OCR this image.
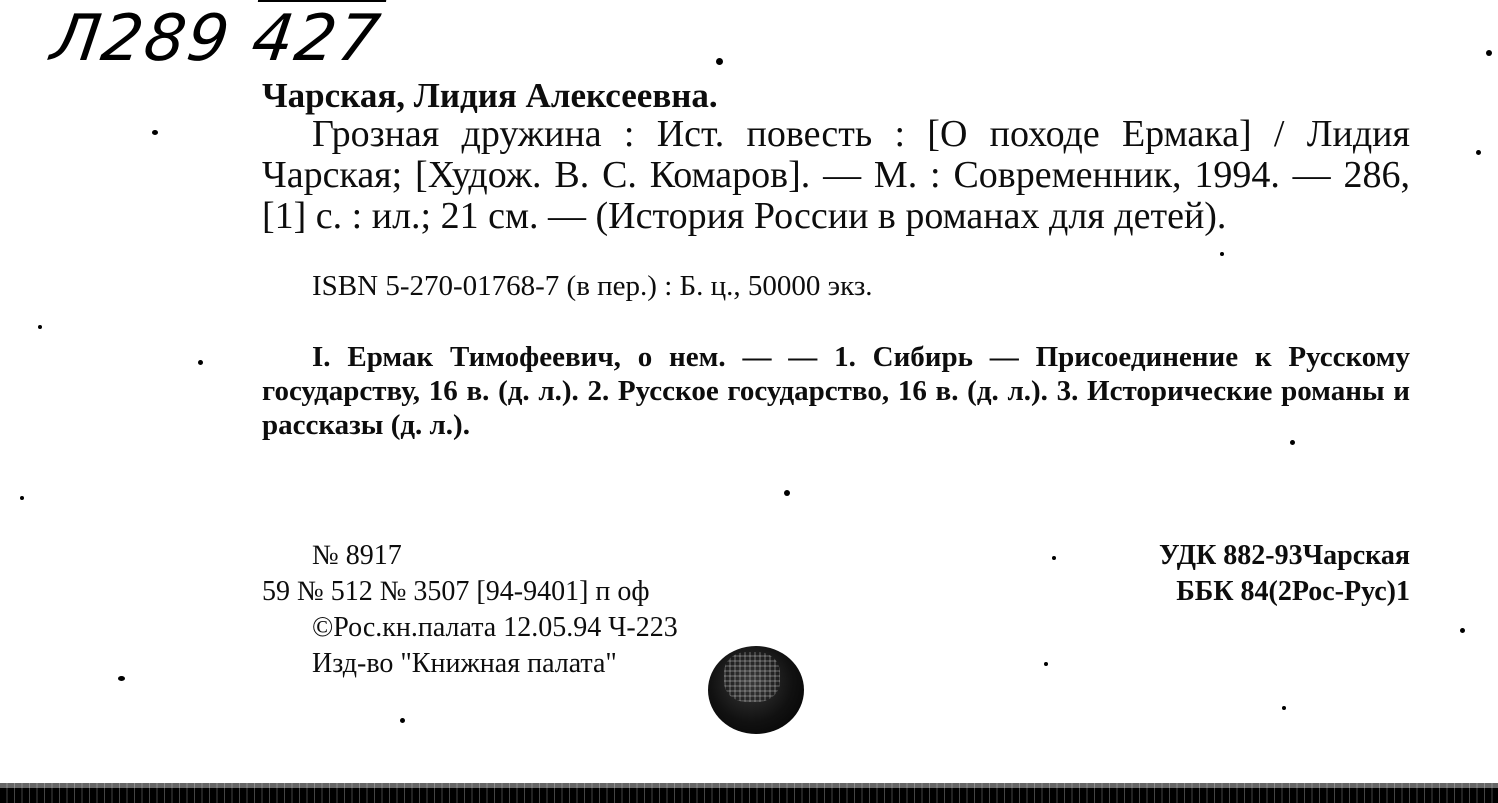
Л289 427
Чарская, Лидия Алексеевна.
Грозная дружина : Ист. повесть : [О походе Ермака] / Лидия Чарская; [Худож. В. С. Комаров]. — М. : Современник, 1994. — 286,[1] с. : ил.; 21 см. — (История России в романах для детей).
ISBN 5-270-01768-7 (в пер.) : Б. ц., 50000 экз.
I. Ермак Тимофеевич, о нем. — — 1. Сибирь — Присоединение к Русскому государству, 16 в. (д. л.). 2. Русское государство, 16 в. (д. л.). 3. Исторические романы и рассказы (д. л.).
№ 8917
59 № 512 № 3507 [94-9401] п оф
©Рос.кн.палата 12.05.94 Ч-223
Изд-во "Книжная палата"
УДК 882-93Чарская
ББК 84(2Рос-Рус)1
